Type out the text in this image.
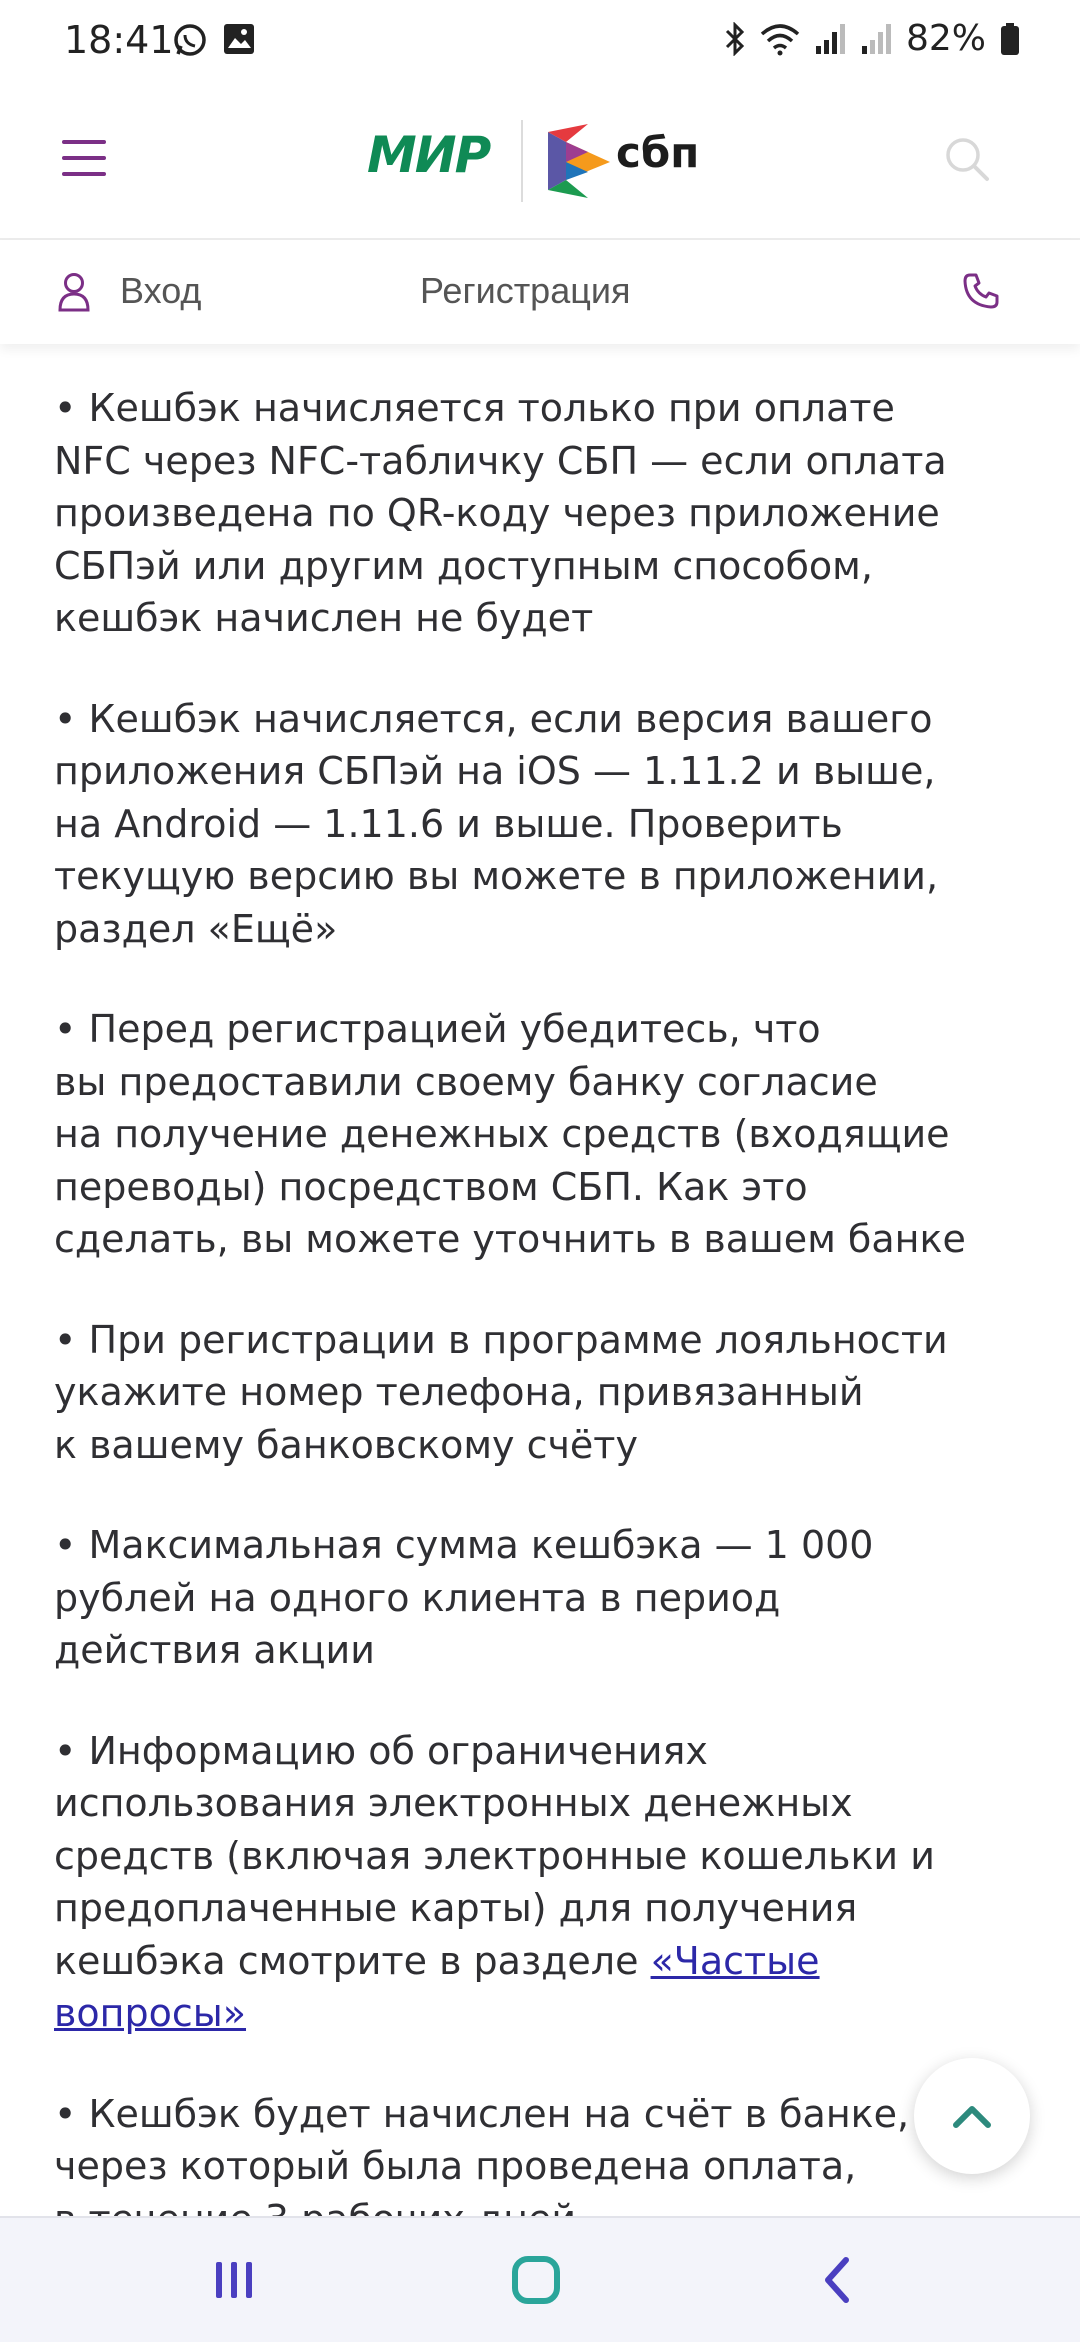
18:41	82%
МИР	сбп
Вход	Регистрация

• Кешбэк начисляется только при оплате
NFC через NFC-табличку СБП — если оплата
произведена по QR-коду через приложение
СБПэй или другим доступным способом,
кешбэк начислен не будет

• Кешбэк начисляется, если версия вашего
приложения СБПэй на iOS — 1.11.2 и выше,
на Android — 1.11.6 и выше. Проверить
текущую версию вы можете в приложении,
раздел «Ещё»

• Перед регистрацией убедитесь, что
вы предоставили своему банку согласие
на получение денежных средств (входящие
переводы) посредством СБП. Как это
сделать, вы можете уточнить в вашем банке

• При регистрации в программе лояльности
укажите номер телефона, привязанный
к вашему банковскому счёту

• Максимальная сумма кешбэка — 1 000
рублей на одного клиента в период
действия акции

• Информацию об ограничениях
использования электронных денежных
средств (включая электронные кошельки и
предоплаченные карты) для получения
кешбэка смотрите в разделе «Частые
вопросы»

• Кешбэк будет начислен на счёт в банке,
через который была проведена оплата,
